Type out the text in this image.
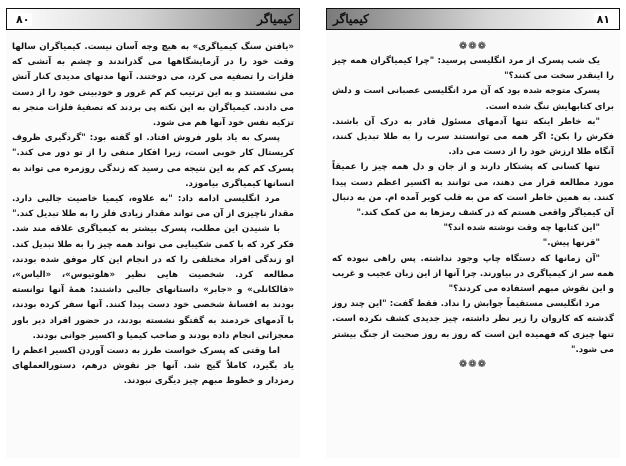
۸۰	کیمیاگر

«یافتن سنگ کیمیاگری» به هیچ وجه آسان نیست. کیمیاگران سالها وقت خود را در آزمایشگاهها می گذراندند و چشم به آتشی که فلزات را تصفیه می کرد، می دوختند. آنها مدتهای مدیدی کنار آتش می نشستند و به این ترتیب کم کم غرور و خودبینی خود را از دست می دادند. کیمیاگران به این نکته پی بردند که تصفیهٔ فلزات منجر به تزکیه نفس خود آنها هم می شود.

پسرک به یاد بلور فروش افتاد. او گفته بود: "گردگیری ظروف کریستال کار خوبی است، زیرا افکار منفی را از تو دور می کند." پسرک کم کم به این نتیجه می رسید که زندگی روزمره می تواند به انسانها کیمیاگری بیاموزد.

مرد انگلیسی ادامه داد: "به علاوه، کیمیا خاصیت جالبی دارد. مقدار ناچیزی از آن می تواند مقدار زیادی فلز را به طلا تبدیل کند."

با شنیدن این مطلب، پسرک بیشتر به کیمیاگری علاقه مند شد. فکر کرد که با کمی شکیبایی می تواند همه چیز را به طلا تبدیل کند. او زندگی افراد مختلفی را که در انجام این کار موفق شده بودند، مطالعه کرد. شخصیت هایی نظیر «هلوتیوس»، «الیاس»، «فالکانلی» و «جابر» داستانهای جالبی داشتند: همهٔ آنها توانسته بودند به افسانهٔ شخصی خود دست پیدا کنند. آنها سفر کرده بودند، با آدمهای خردمند به گفتگو نشسته بودند، در حضور افراد دیر باور معجزاتی انجام داده بودند و صاحب کیمیا و اکسیر جوانی بودند.

اما وقتی که پسرک خواست طرز به دست آوردن اکسیر اعظم را یاد بگیرد، کاملاً گیج شد. آنها جز نقوش درهم، دستورالعملهای رمزدار و خطوط مبهم چیز دیگری نبودند.

کیمیاگر	۸۱
❁❁❁

یک شب پسرک از مرد انگلیسی پرسید: "چرا کیمیاگران همه چیز را اینقدر سخت می کنند؟"

پسرک متوجه شده بود که آن مرد انگلیسی عصبانی است و دلش برای کتابهایش تنگ شده است.

"به خاطر اینکه تنها آدمهای مسئول قادر به درک آن باشند. فکرش را بکن: اگر همه می توانستند سرب را به طلا تبدیل کنند، آنگاه طلا ارزش خود را از دست می داد.

تنها کسانی که پشتکار دارند و از جان و دل همه چیز را عمیقاً مورد مطالعه قرار می دهند، می توانند به اکسیر اعظم دست پیدا کنند. به همین خاطر است که من به قلب کویر آمده ام. من به دنبال آن کیمیاگر واقعی هستم که در کشف رمزها به من کمک کند."

"این کتابها چه وقت نوشته شده اند؟"

"قرنها پیش."

"آن زمانها که دستگاه چاپ وجود نداشته. پس راهی نبوده که همه سر از کیمیاگری در بیاورند. چرا آنها از این زبان عجیب و غریب و این نقوش مبهم استفاده می کردند؟"

مرد انگلیسی مستقیماً جوابش را نداد. فقط گفت: "این چند روز گذشته که کاروان را زیر نظر داشته، چیز جدیدی کشف نکرده است. تنها چیزی که فهمیده این است که روز به روز صحبت از جنگ بیشتر می شود."

❁❁❁
